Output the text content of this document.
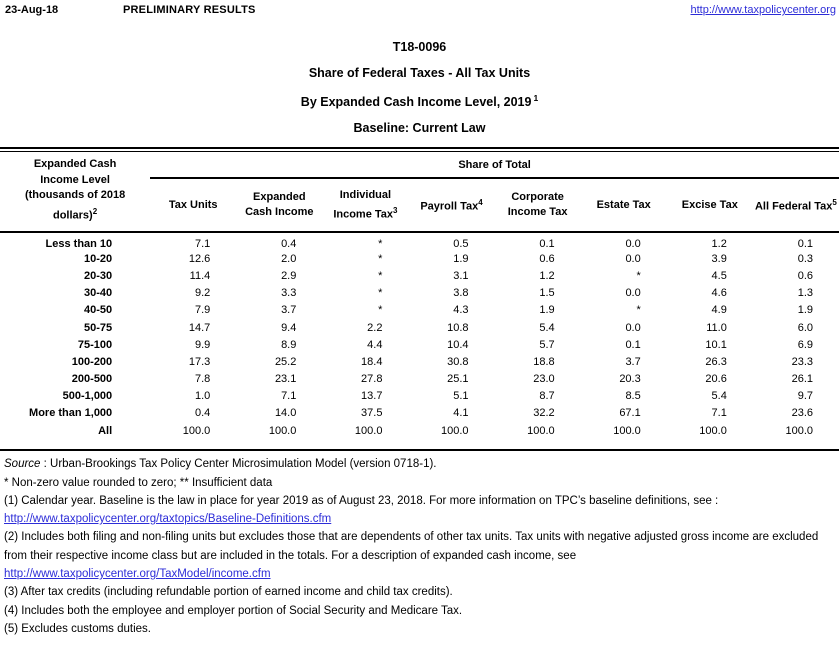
23-Aug-18	PRELIMINARY RESULTS	http://www.taxpolicycenter.org
T18-0096
Share of Federal Taxes - All Tax Units
By Expanded Cash Income Level, 2019 $^1$
Baseline: Current Law
Expanded Cash
Income Level
(thousands of 2018
dollars)$^2$	Share of Total							
	Tax Units	Expanded Cash Income	Individual Income Tax$^3$	Payroll Tax$^4$	Corporate Income Tax	Estate Tax	Excise Tax	All Federal Tax$^5$
Less than 10	7.1	0.4	*	0.5	0.1	0.0	1.2	0.1
10-20	12.6	2.0	*	1.9	0.6	0.0	3.9	0.3
20-30	11.4	2.9	*	3.1	1.2	*	4.5	0.6
30-40	9.2	3.3	*	3.8	1.5	0.0	4.6	1.3
40-50	7.9	3.7	*	4.3	1.9	*	4.9	1.9
50-75	14.7	9.4	2.2	10.8	5.4	0.0	11.0	6.0
75-100	9.9	8.9	4.4	10.4	5.7	0.1	10.1	6.9
100-200	17.3	25.2	18.4	30.8	18.8	3.7	26.3	23.3
200-500	7.8	23.1	27.8	25.1	23.0	20.3	20.6	26.1
500-1,000	1.0	7.1	13.7	5.1	8.7	8.5	5.4	9.7
More than 1,000	0.4	14.0	37.5	4.1	32.2	67.1	7.1	23.6
All	100.0	100.0	100.0	100.0	100.0	100.0	100.0	100.0
Source : Urban-Brookings Tax Policy Center Microsimulation Model (version 0718-1).
* Non-zero value rounded to zero; ** Insufficient data
(1) Calendar year. Baseline is the law in place for year 2019 as of August 23, 2018. For more information on TPC’s baseline definitions, see :
http://www.taxpolicycenter.org/taxtopics/Baseline-Definitions.cfm
(2) Includes both filing and non-filing units but excludes those that are dependents of other tax units. Tax units with negative adjusted gross income are excluded from their respective income class but are included in the totals. For a description of expanded cash income, see
http://www.taxpolicycenter.org/TaxModel/income.cfm
(3) After tax credits (including refundable portion of earned income and child tax credits).
(4) Includes both the employee and employer portion of Social Security and Medicare Tax.
(5) Excludes customs duties.
